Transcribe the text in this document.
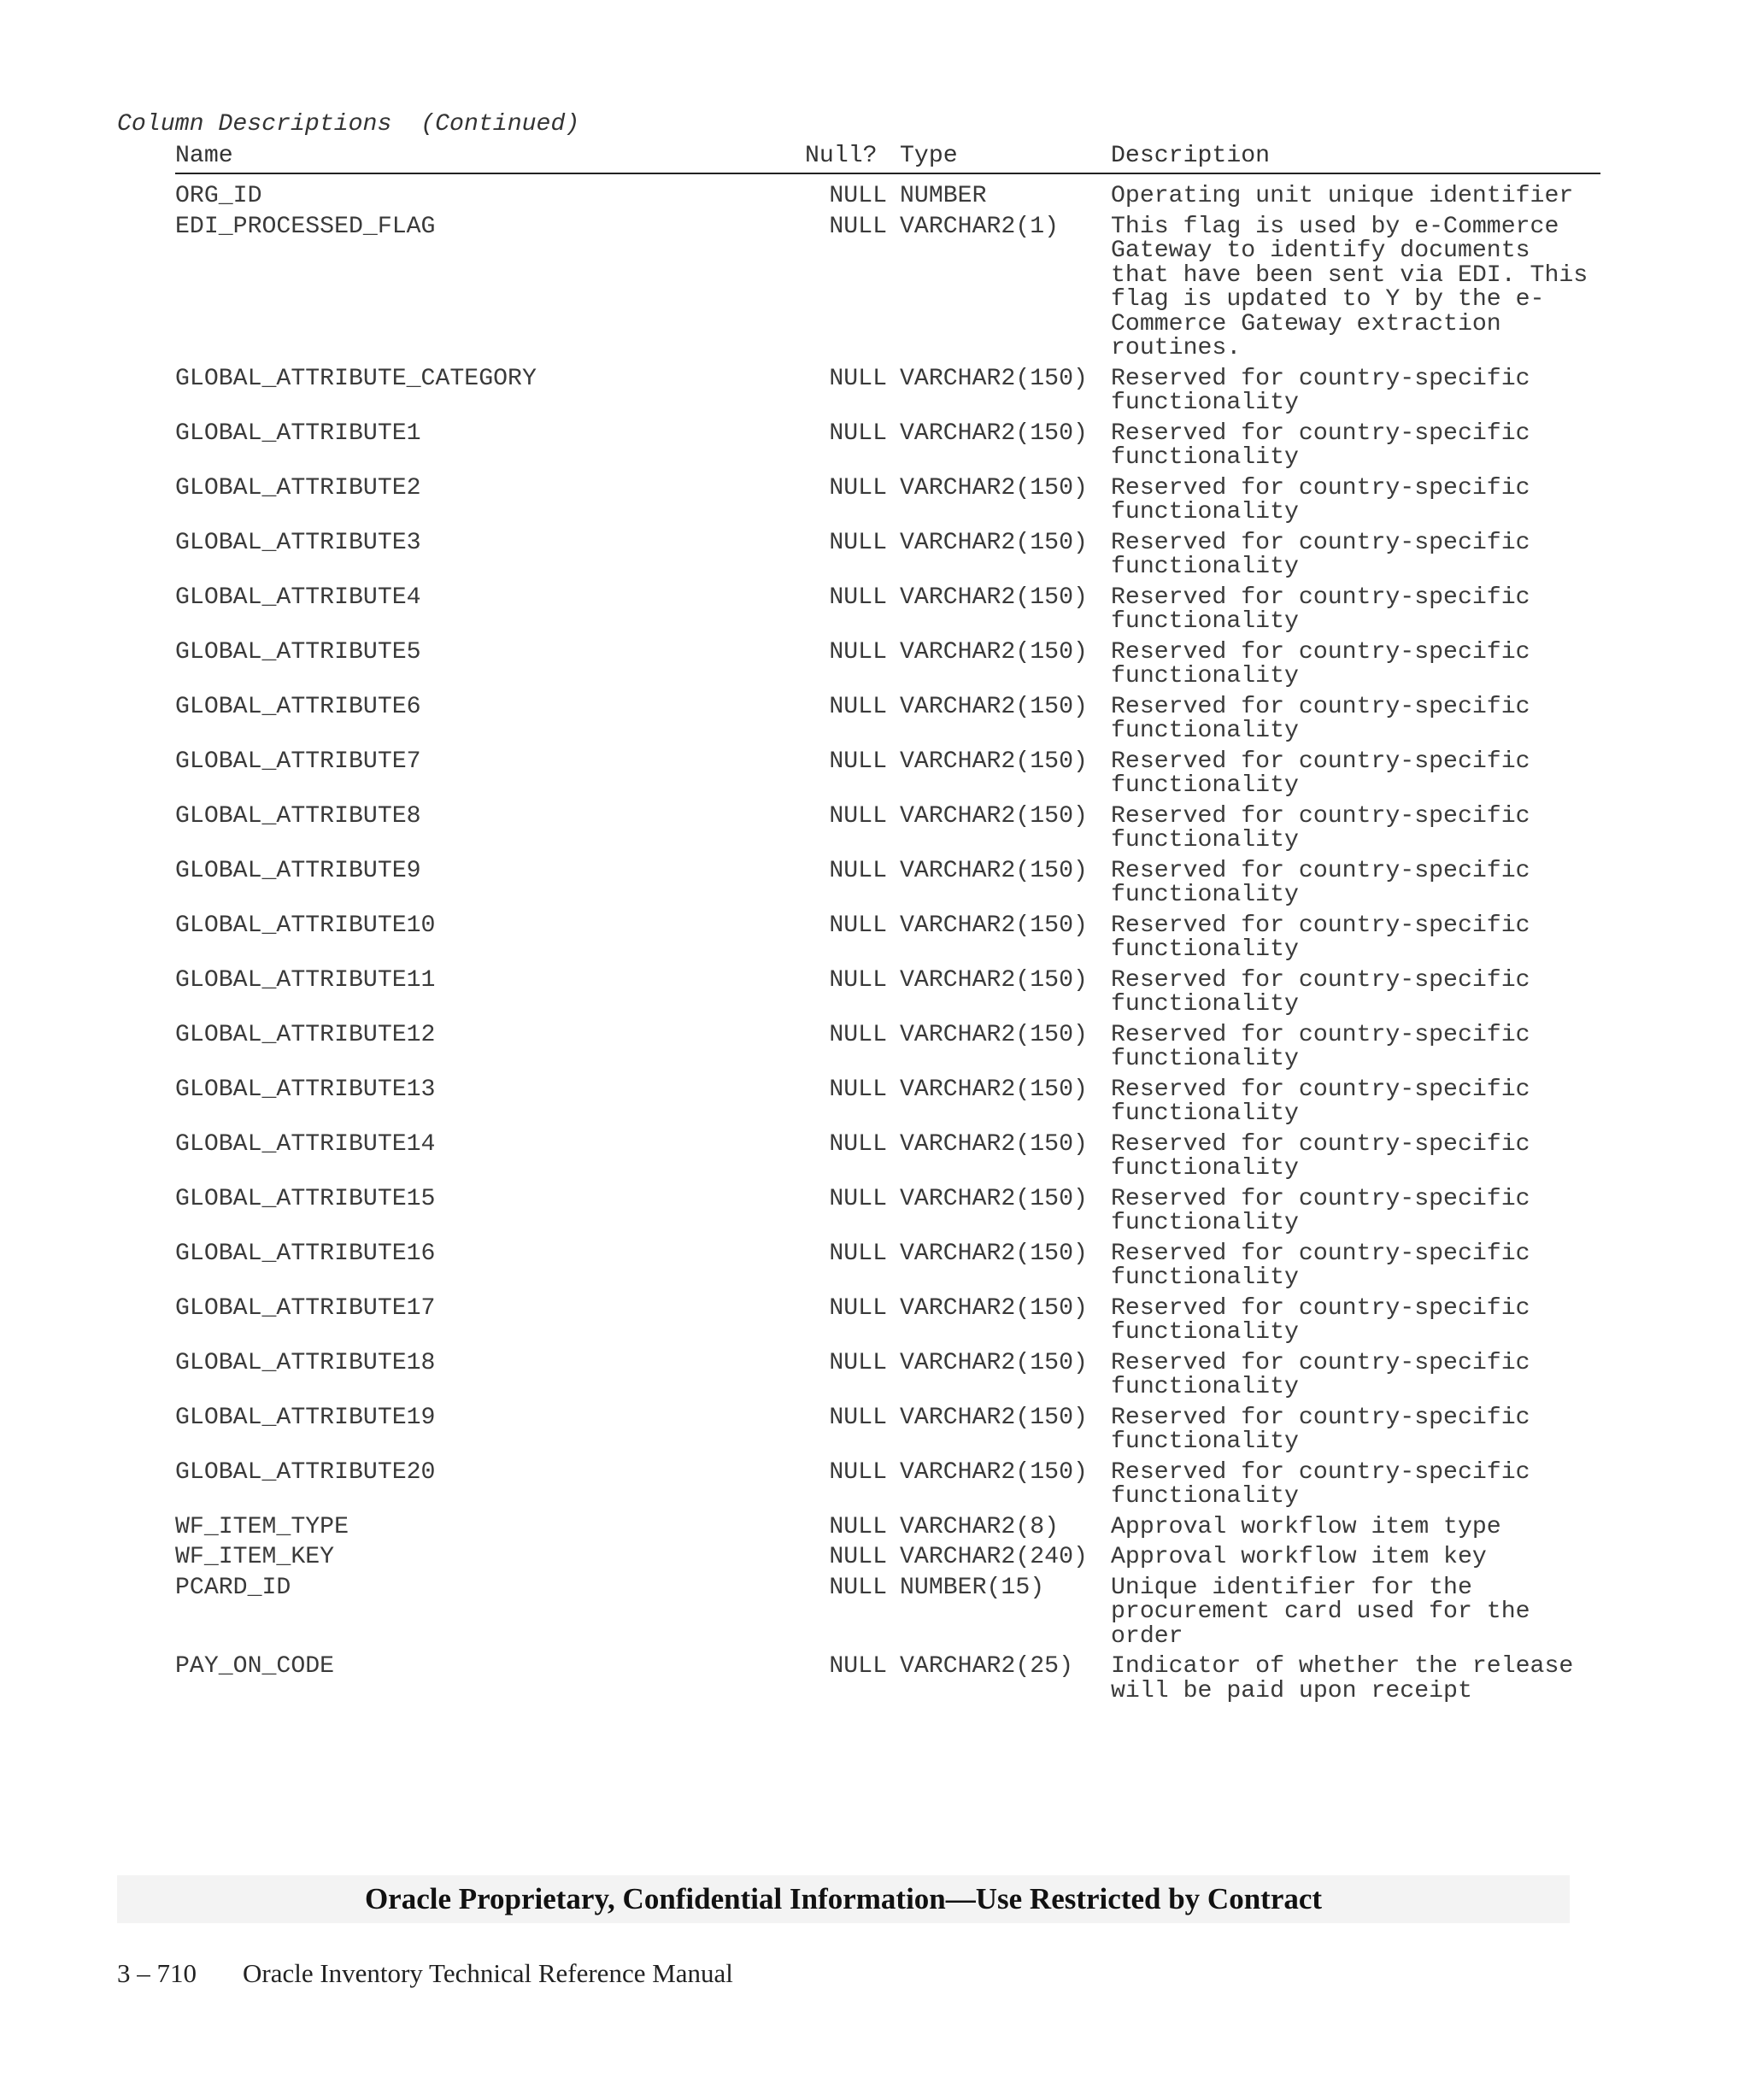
Column Descriptions  (Continued)
Name	Null? Type	Description
ORG_ID	NULL NUMBER	Operating unit unique identifier
EDI_PROCESSED_FLAG	NULL VARCHAR2(1) This flag is used by e-Commerce Gateway to identify documents that have been sent via EDI. This flag is updated to Y by the e-Commerce Gateway extraction routines.
GLOBAL_ATTRIBUTE_CATEGORY	NULL VARCHAR2(150) Reserved for country-specific functionality
GLOBAL_ATTRIBUTE1	NULL VARCHAR2(150) Reserved for country-specific functionality
GLOBAL_ATTRIBUTE2	NULL VARCHAR2(150) Reserved for country-specific functionality
GLOBAL_ATTRIBUTE3	NULL VARCHAR2(150) Reserved for country-specific functionality
GLOBAL_ATTRIBUTE4	NULL VARCHAR2(150) Reserved for country-specific functionality
GLOBAL_ATTRIBUTE5	NULL VARCHAR2(150) Reserved for country-specific functionality
GLOBAL_ATTRIBUTE6	NULL VARCHAR2(150) Reserved for country-specific functionality
GLOBAL_ATTRIBUTE7	NULL VARCHAR2(150) Reserved for country-specific functionality
GLOBAL_ATTRIBUTE8	NULL VARCHAR2(150) Reserved for country-specific functionality
GLOBAL_ATTRIBUTE9	NULL VARCHAR2(150) Reserved for country-specific functionality
GLOBAL_ATTRIBUTE10	NULL VARCHAR2(150) Reserved for country-specific functionality
GLOBAL_ATTRIBUTE11	NULL VARCHAR2(150) Reserved for country-specific functionality
GLOBAL_ATTRIBUTE12	NULL VARCHAR2(150) Reserved for country-specific functionality
GLOBAL_ATTRIBUTE13	NULL VARCHAR2(150) Reserved for country-specific functionality
GLOBAL_ATTRIBUTE14	NULL VARCHAR2(150) Reserved for country-specific functionality
GLOBAL_ATTRIBUTE15	NULL VARCHAR2(150) Reserved for country-specific functionality
GLOBAL_ATTRIBUTE16	NULL VARCHAR2(150) Reserved for country-specific functionality
GLOBAL_ATTRIBUTE17	NULL VARCHAR2(150) Reserved for country-specific functionality
GLOBAL_ATTRIBUTE18	NULL VARCHAR2(150) Reserved for country-specific functionality
GLOBAL_ATTRIBUTE19	NULL VARCHAR2(150) Reserved for country-specific functionality
GLOBAL_ATTRIBUTE20	NULL VARCHAR2(150) Reserved for country-specific functionality
WF_ITEM_TYPE	NULL VARCHAR2(8) Approval workflow item type
WF_ITEM_KEY	NULL VARCHAR2(240) Approval workflow item key
PCARD_ID	NULL NUMBER(15)	Unique identifier for the procurement card used for the order
PAY_ON_CODE	NULL VARCHAR2(25) Indicator of whether the release will be paid upon receipt
Oracle Proprietary, Confidential Information––Use Restricted by Contract
3 – 710 Oracle Inventory Technical Reference Manual
